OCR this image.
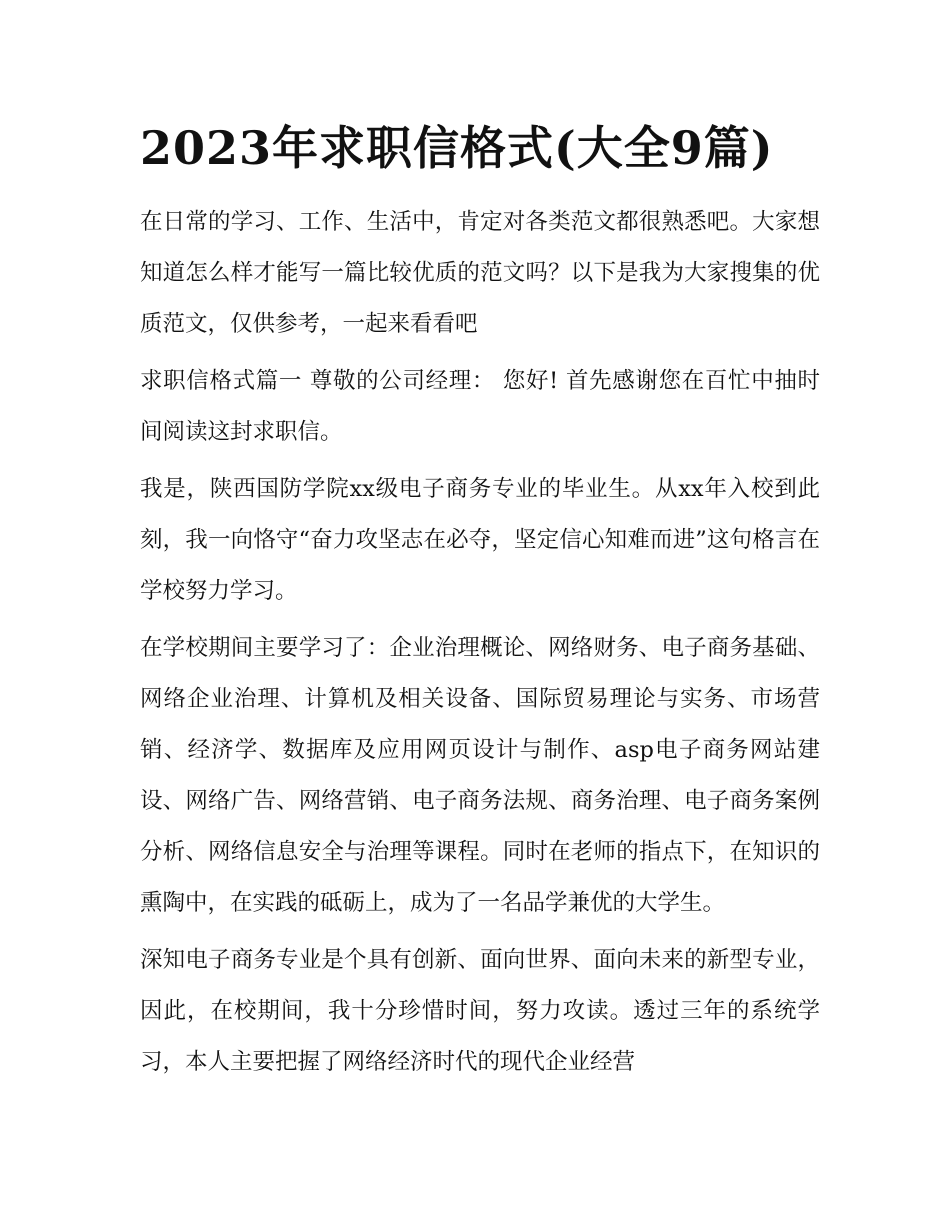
2023年求职信格式(大全9篇)

在日常的学习、工作、生活中，肯定对各类范文都很熟悉吧。大家想知道怎么样才能写一篇比较优质的范文吗？以下是我为大家搜集的优质范文，仅供参考，一起来看看吧

求职信格式篇一 尊敬的公司经理： 您好! 首先感谢您在百忙中抽时间阅读这封求职信。

我是，陕西国防学院xx级电子商务专业的毕业生。从xx年入校到此刻，我一向恪守“奋力攻坚志在必夺，坚定信心知难而进”这句格言在学校努力学习。

在学校期间主要学习了：企业治理概论、网络财务、电子商务基础、网络企业治理、计算机及相关设备、国际贸易理论与实务、市场营销、经济学、数据库及应用网页设计与制作、asp电子商务网站建设、网络广告、网络营销、电子商务法规、商务治理、电子商务案例分析、网络信息安全与治理等课程。同时在老师的指点下，在知识的熏陶中，在实践的砥砺上，成为了一名品学兼优的大学生。

深知电子商务专业是个具有创新、面向世界、面向未来的新型专业，因此，在校期间，我十分珍惜时间，努力攻读。透过三年的系统学习，本人主要把握了网络经济时代的现代企业经营
